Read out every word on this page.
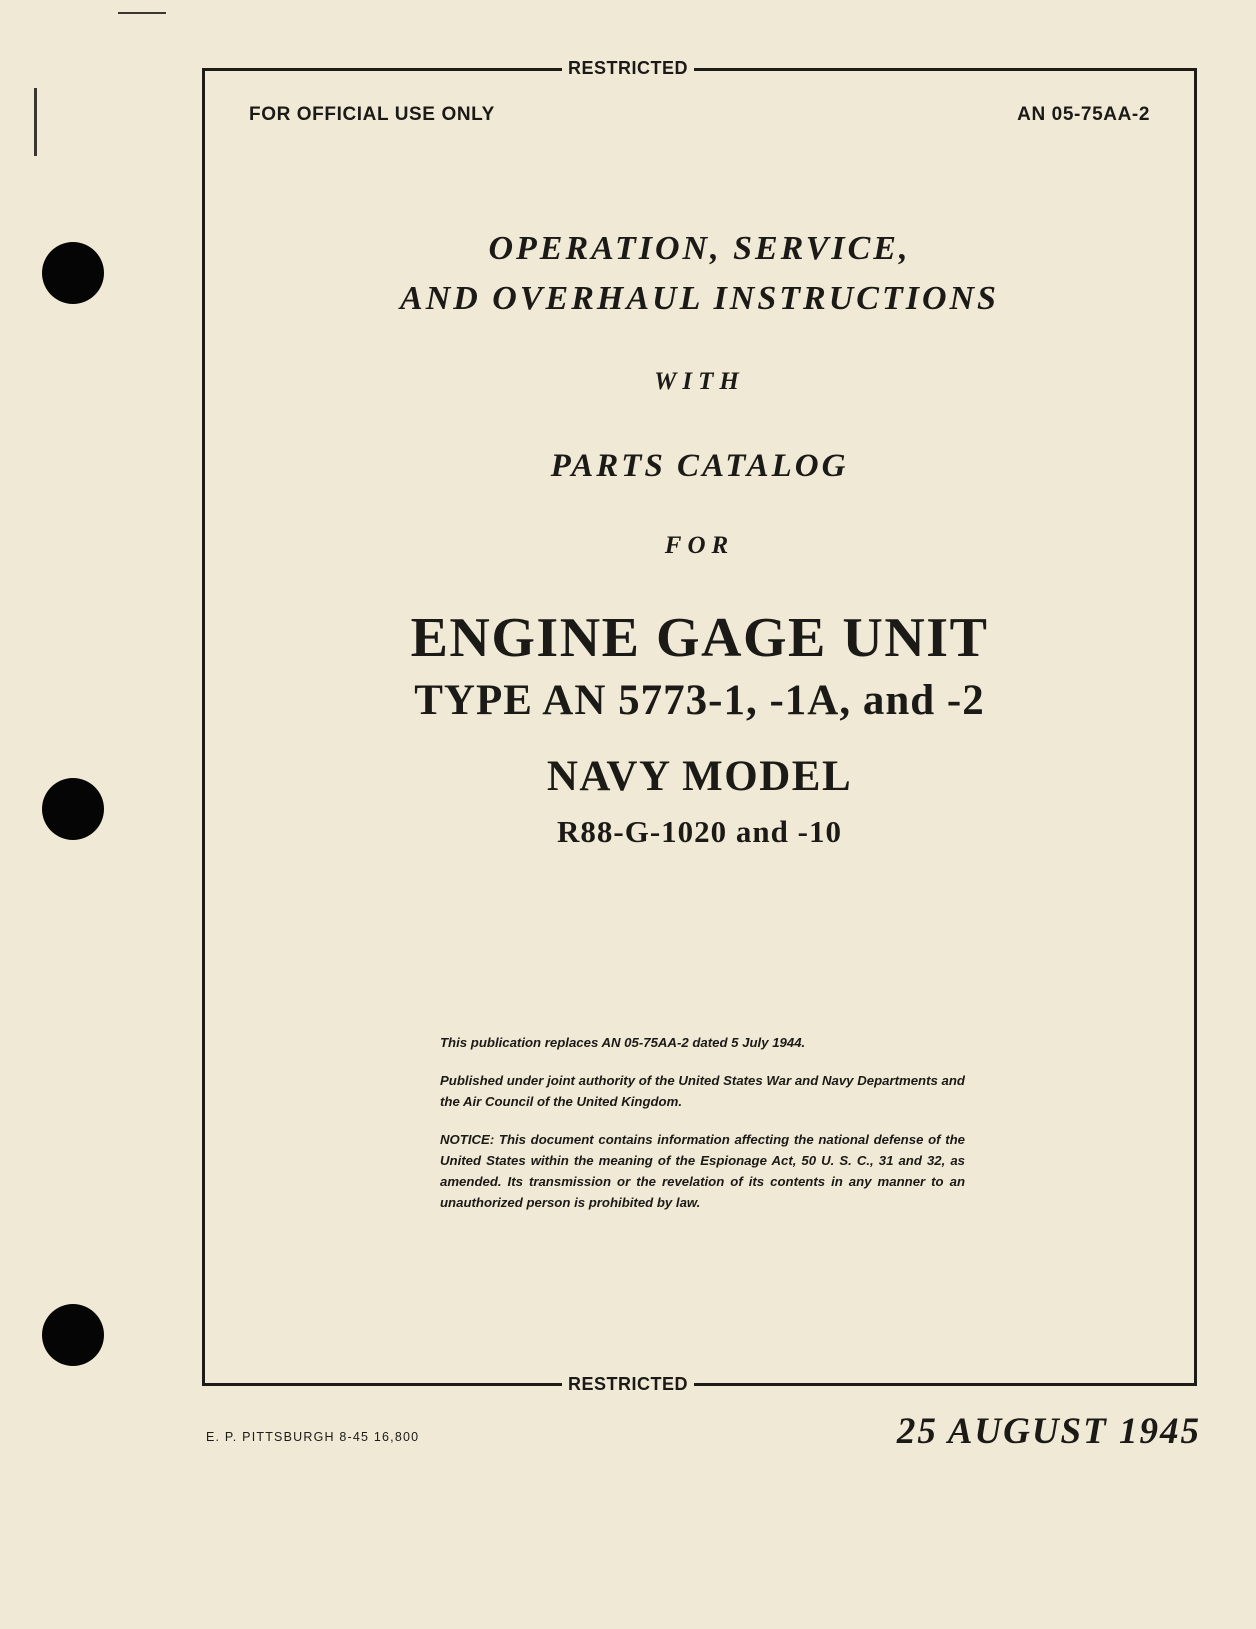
RESTRICTED
RESTRICTED
FOR OFFICIAL USE ONLY	AN 05-75AA-2
OPERATION, SERVICE,
AND OVERHAUL INSTRUCTIONS
WITH
PARTS CATALOG
FOR
ENGINE GAGE UNIT
TYPE AN 5773-1, -1A, and -2
NAVY MODEL
R88-G-1020 and -10

This publication replaces AN 05-75AA-2 dated 5 July 1944.

Published under joint authority of the United States War and Navy Departments and the Air Council of the United Kingdom.

NOTICE: This document contains information affecting the national defense of the United States within the meaning of the Espionage Act, 50 U. S. C., 31 and 32, as amended. Its transmission or the revelation of its contents in any manner to an unauthorized person is prohibited by law.

E. P. PITTSBURGH 8-45 16,800	25 AUGUST 1945
